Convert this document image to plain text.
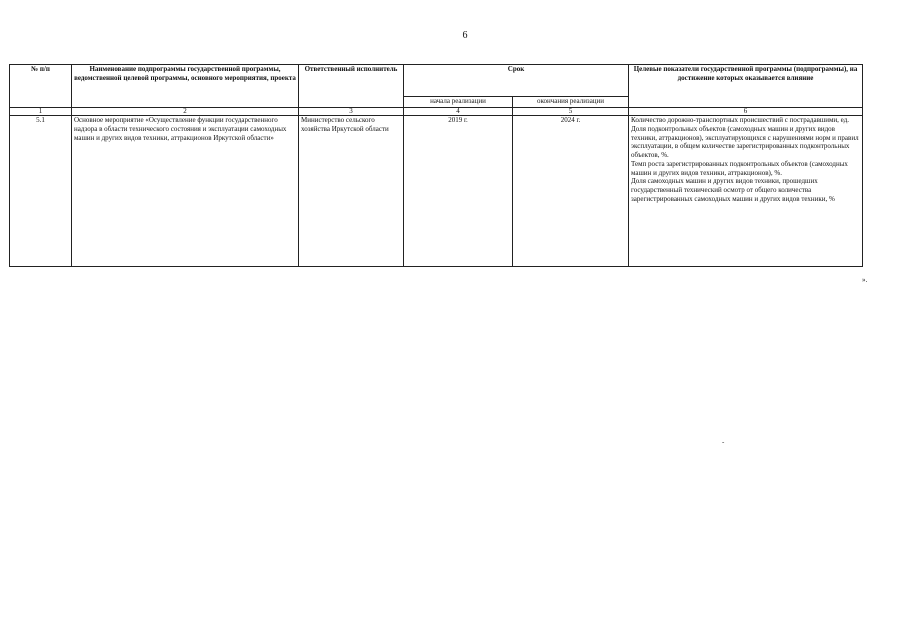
6
№ п/п	Наименование подпрограммы государственной программы, ведомственной целевой программы, основного мероприятия, проекта	Ответственный исполнитель	Срок		Целевые показатели государственной программы (подпрограммы), на достижение которых оказывается влияние
			начала реализации	окончания реализации	
1	2	3	4	5	6
5.1	Основное мероприятие «Осуществление функции государственного надзора в области технического состояния и эксплуатации самоходных машин и других видов техники, аттракционов Иркутской области»	Министерство сельского хозяйства Иркутской области	2019 г.	2024 г.	Количество дорожно-транспортных происшествий с пострадавшими, ед.
Доля подконтрольных объектов (самоходных машин и других видов техники, аттракционов), эксплуатирующихся с нарушениями норм и правил эксплуатации, в общем количестве зарегистрированных подконтрольных объектов, %.
Темп роста зарегистрированных подконтрольных объектов (самоходных машин и других видов техники, аттракционов), %.
Доля самоходных машин и других видов техники, прошедших государственный технический осмотр от общего количества зарегистрированных самоходных машин и других видов техники, %
».
-
